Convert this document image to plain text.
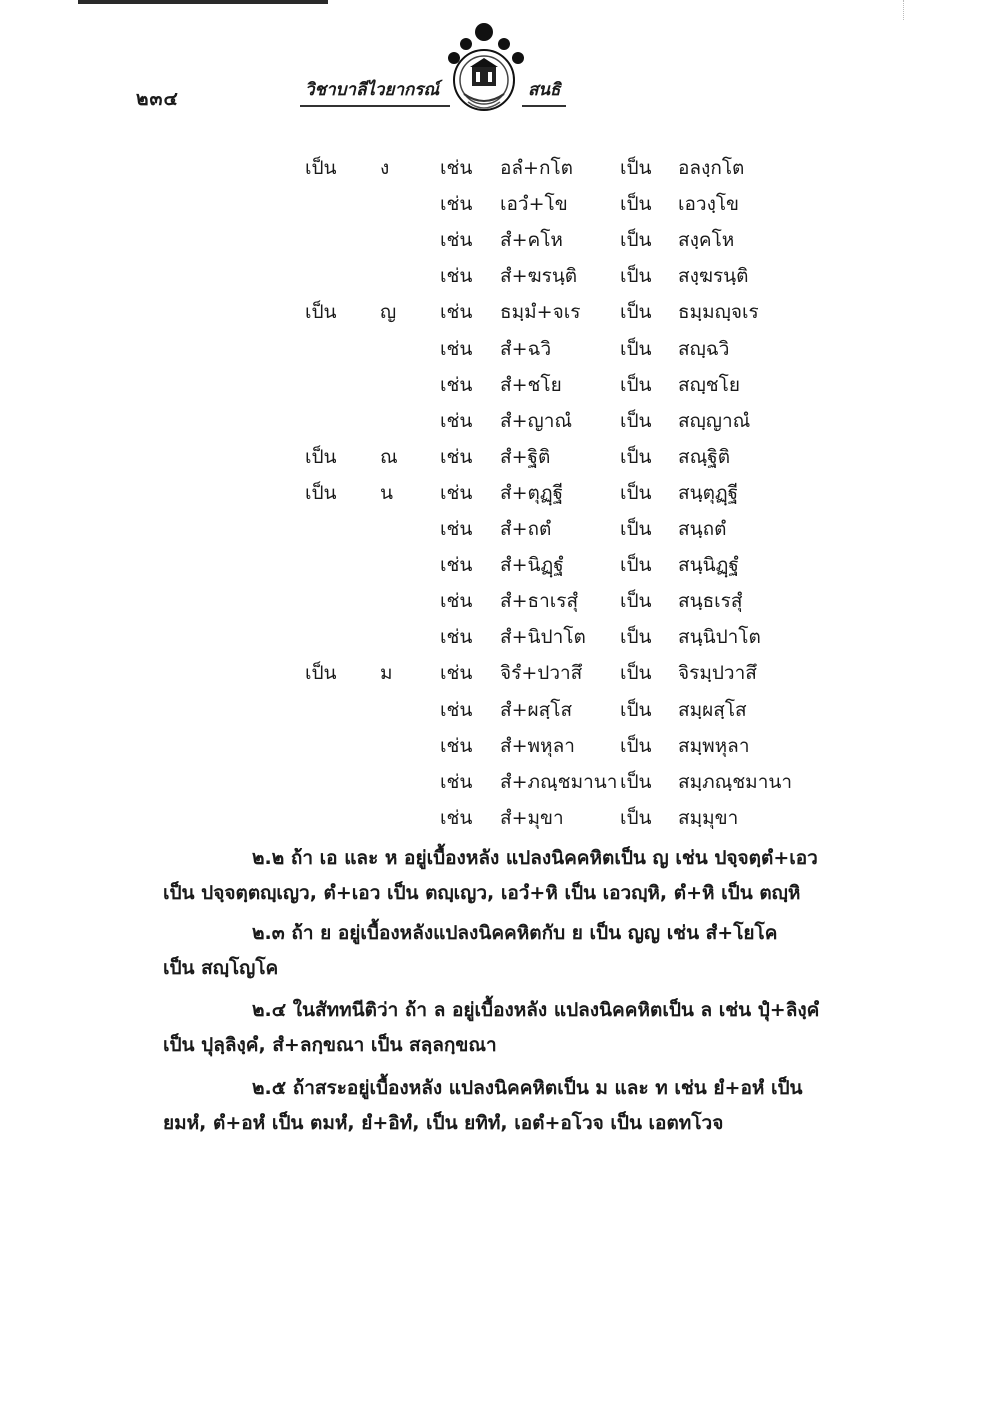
๒๓๔	วิชาบาลีไวยากรณ์	สนธิ
เป็น ง	เช่น อลํ+กโต เป็น อลงฺกโต
เช่น เอวํ+โข	เป็น เอวงฺโข
เช่น สํ+คโห	เป็น สงฺคโห
เช่น สํ+ฆรนฺติ เป็น สงฺฆรนฺติ
เป็น ญ เช่น ธมฺมํ+จเร เป็น ธมฺมญฺจเร
เช่น สํ+ฉวิ	เป็น สญฺฉวิ
เช่น สํ+ชโย	เป็น สญฺชโย
เช่น สํ+ญาณํ	เป็น สญฺญาณํ
เป็น ณ เช่น สํ+ฐิติ	เป็น สณฺฐิติ
เป็น น เช่น สํ+ตุฏฺฐี	เป็น สนฺตุฏฺฐี
เช่น สํ+ถตํ	เป็น สนฺถตํ
เช่น สํ+นิฏฺฐํ	เป็น สนฺนิฏฺฐํ
เช่น สํ+ธาเรสุํ เป็น สนฺธเรสุํ
เช่น สํ+นิปาโต เป็น สนฺนิปาโต
เป็น ม เช่น จิรํ+ปวาสึ เป็น จิรมฺปวาสึ
เช่น สํ+ผสฺโส	เป็น สมฺผสฺโส
เช่น สํ+พหุลา เป็น สมฺพหุลา
เช่น สํ+ภณฺชมานา เป็น สมฺภณฺชมานา
เช่น สํ+มุขา	เป็น สมฺมุขา
๒.๒ ถ้า เอ และ ห อยู่เบื้องหลัง แปลงนิคคหิตเป็น ญ เช่น ปจฺจตฺตํ+เอว
เป็น ปจฺจตฺตญฺเญว, ตํ+เอว เป็น ตญฺเญว, เอวํ+หิ เป็น เอวญฺหิ, ตํ+หิ เป็น ตญฺหิ
๒.๓ ถ้า ย อยู่เบื้องหลังแปลงนิคคหิตกับ ย เป็น ญญ เช่น สํ+โยโค
เป็น สญฺโญโค
๒.๔ ในสัททนีติว่า ถ้า ล อยู่เบื้องหลัง แปลงนิคคหิตเป็น ล เช่น ปุํ+ลิงฺคํ
เป็น ปุลฺลิงฺคํ, สํ+ลกฺขณา เป็น สลฺลกฺขณา
๒.๕ ถ้าสระอยู่เบื้องหลัง แปลงนิคคหิตเป็น ม และ ท เช่น ยํ+อหํ เป็น
ยมหํ, ตํ+อหํ เป็น ตมหํ, ยํ+อิทํ, เป็น ยทิทํ, เอตํ+อโวจ เป็น เอตทโวจ
